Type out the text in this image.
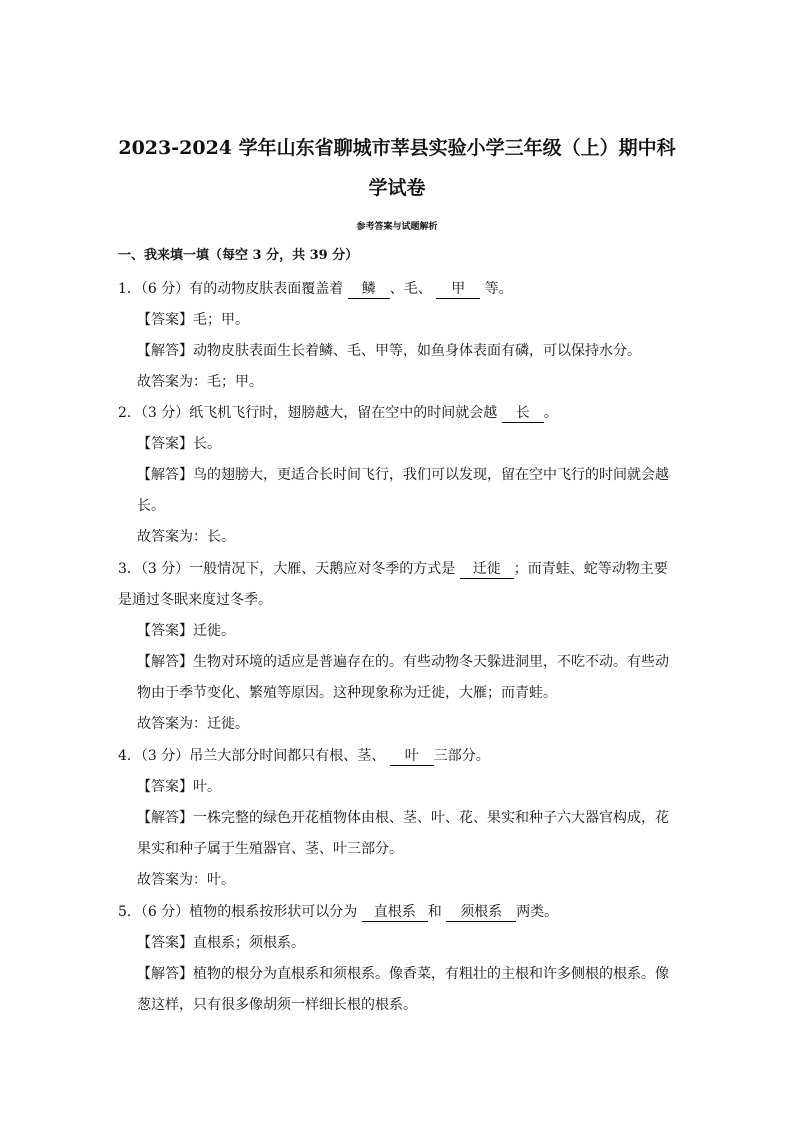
2023-2024 学年山东省聊城市莘县实验小学三年级（上）期中科
学试卷
参考答案与试题解析
一、我来填一填（每空 3 分，共 39 分）
1．（6 分）有的动物皮肤表面覆盖着 鳞 、毛、 甲 等。
【答案】毛；甲。
【解答】动物皮肤表面生长着鳞、毛、甲等，如鱼身体表面有磷，可以保持水分。
故答案为：毛；甲。
2．（3 分）纸飞机飞行时，翅膀越大，留在空中的时间就会越 长 。
【答案】长。
【解答】鸟的翅膀大，更适合长时间飞行，我们可以发现，留在空中飞行的时间就会越
长。
故答案为：长。
3．（3 分）一般情况下，大雁、天鹅应对冬季的方式是 迁徙 ；而青蛙、蛇等动物主要
是通过冬眠来度过冬季。
【答案】迁徙。
【解答】生物对环境的适应是普遍存在的。有些动物冬天躲进洞里，不吃不动。有些动
物由于季节变化、繁殖等原因。这种现象称为迁徙，大雁；而青蛙。
故答案为：迁徙。
4．（3 分）吊兰大部分时间都只有根、茎、 叶 三部分。
【答案】叶。
【解答】一株完整的绿色开花植物体由根、茎、叶、花、果实和种子六大器官构成，花
果实和种子属于生殖器官、茎、叶三部分。
故答案为：叶。
5．（6 分）植物的根系按形状可以分为 直根系 和 须根系 两类。
【答案】直根系；须根系。
【解答】植物的根分为直根系和须根系。像香菜，有粗壮的主根和许多侧根的根系。像
葱这样，只有很多像胡须一样细长根的根系。
